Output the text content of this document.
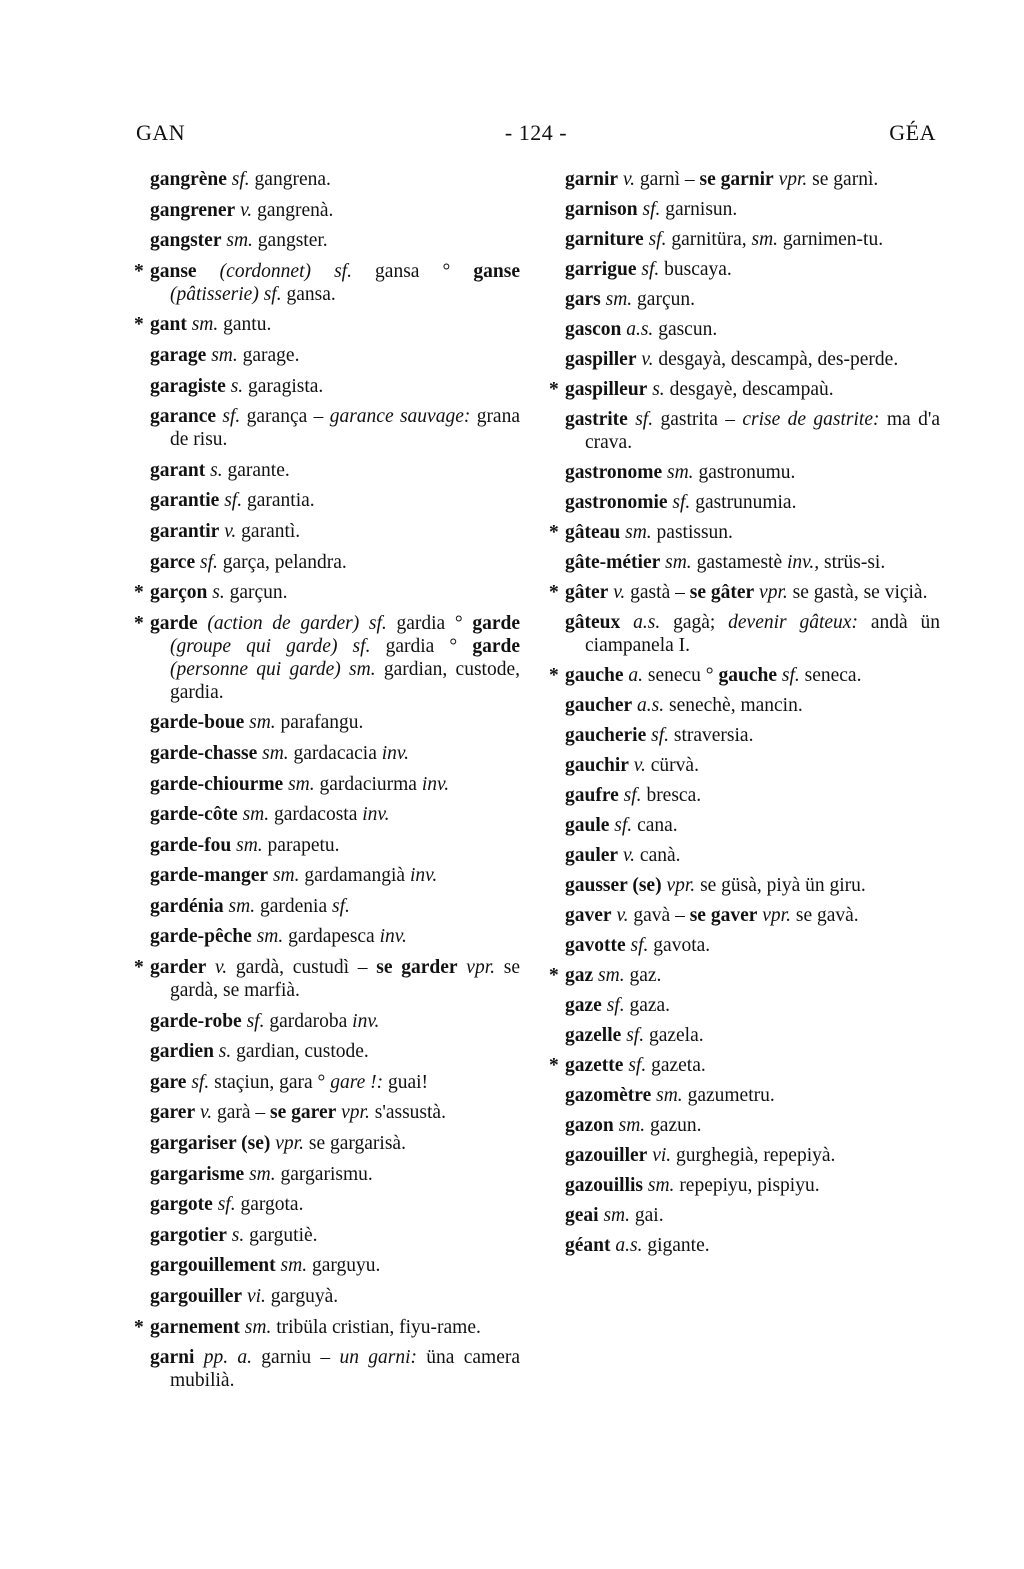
GAN	- 124 -	GÉA
gangrène sf. gangrena.
gangrener v. gangrenà.
gangster sm. gangster.
* ganse (cordonnet) sf. gansa ° ganse (pâtisserie) sf. gansa.
* gant sm. gantu.
garage sm. garage.
garagiste s. garagista.
garance sf. garança – garance sauvage: grana de risu.
garant s. garante.
garantie sf. garantia.
garantir v. garantì.
garce sf. garça, pelandra.
* garçon s. garçun.
* garde (action de garder) sf. gardia ° garde (groupe qui garde) sf. gardia ° garde (personne qui garde) sm. gardian, custode, gardia.
garde-boue sm. parafangu.
garde-chasse sm. gardacacia inv.
garde-chiourme sm. gardaciurma inv.
garde-côte sm. gardacosta inv.
garde-fou sm. parapetu.
garde-manger sm. gardamangià inv.
gardénia sm. gardenia sf.
garde-pêche sm. gardapesca inv.
* garder v. gardà, custudì – se garder vpr. se gardà, se marfià.
garde-robe sf. gardaroba inv.
gardien s. gardian, custode.
gare sf. staçiun, gara ° gare !: guai!
garer v. garà – se garer vpr. s'assustà.
gargariser (se) vpr. se gargarisà.
gargarisme sm. gargarismu.
gargote sf. gargota.
gargotier s. gargutiè.
gargouillement sm. garguyu.
gargouiller vi. garguyà.
* garnement sm. tribüla cristian, fiyu-rame.
garni pp. a. garniu – un garni: üna camera mubilià.
garnir v. garnì – se garnir vpr. se garnì.
garnison sf. garnisun.
garniture sf. garnitüra, sm. garnimen-tu.
garrigue sf. buscaya.
gars sm. garçun.
gascon a.s. gascun.
gaspiller v. desgayà, descampà, des-perde.
* gaspilleur s. desgayè, descampaù.
gastrite sf. gastrita – crise de gastrite: ma d'a crava.
gastronome sm. gastronumu.
gastronomie sf. gastrunumia.
* gâteau sm. pastissun.
gâte-métier sm. gastamestè inv., strüs-si.
* gâter v. gastà – se gâter vpr. se gastà, se viçià.
gâteux a.s. gagà; devenir gâteux: andà ün ciampanela I.
* gauche a. senecu ° gauche sf. seneca.
gaucher a.s. senechè, mancin.
gaucherie sf. straversia.
gauchir v. cürvà.
gaufre sf. bresca.
gaule sf. cana.
gauler v. canà.
gausser (se) vpr. se güsà, piyà ün giru.
gaver v. gavà – se gaver vpr. se gavà.
gavotte sf. gavota.
* gaz sm. gaz.
gaze sf. gaza.
gazelle sf. gazela.
* gazette sf. gazeta.
gazomètre sm. gazumetru.
gazon sm. gazun.
gazouiller vi. gurghegià, repepiyà.
gazouillis sm. repepiyu, pispiyu.
geai sm. gai.
géant a.s. gigante.
